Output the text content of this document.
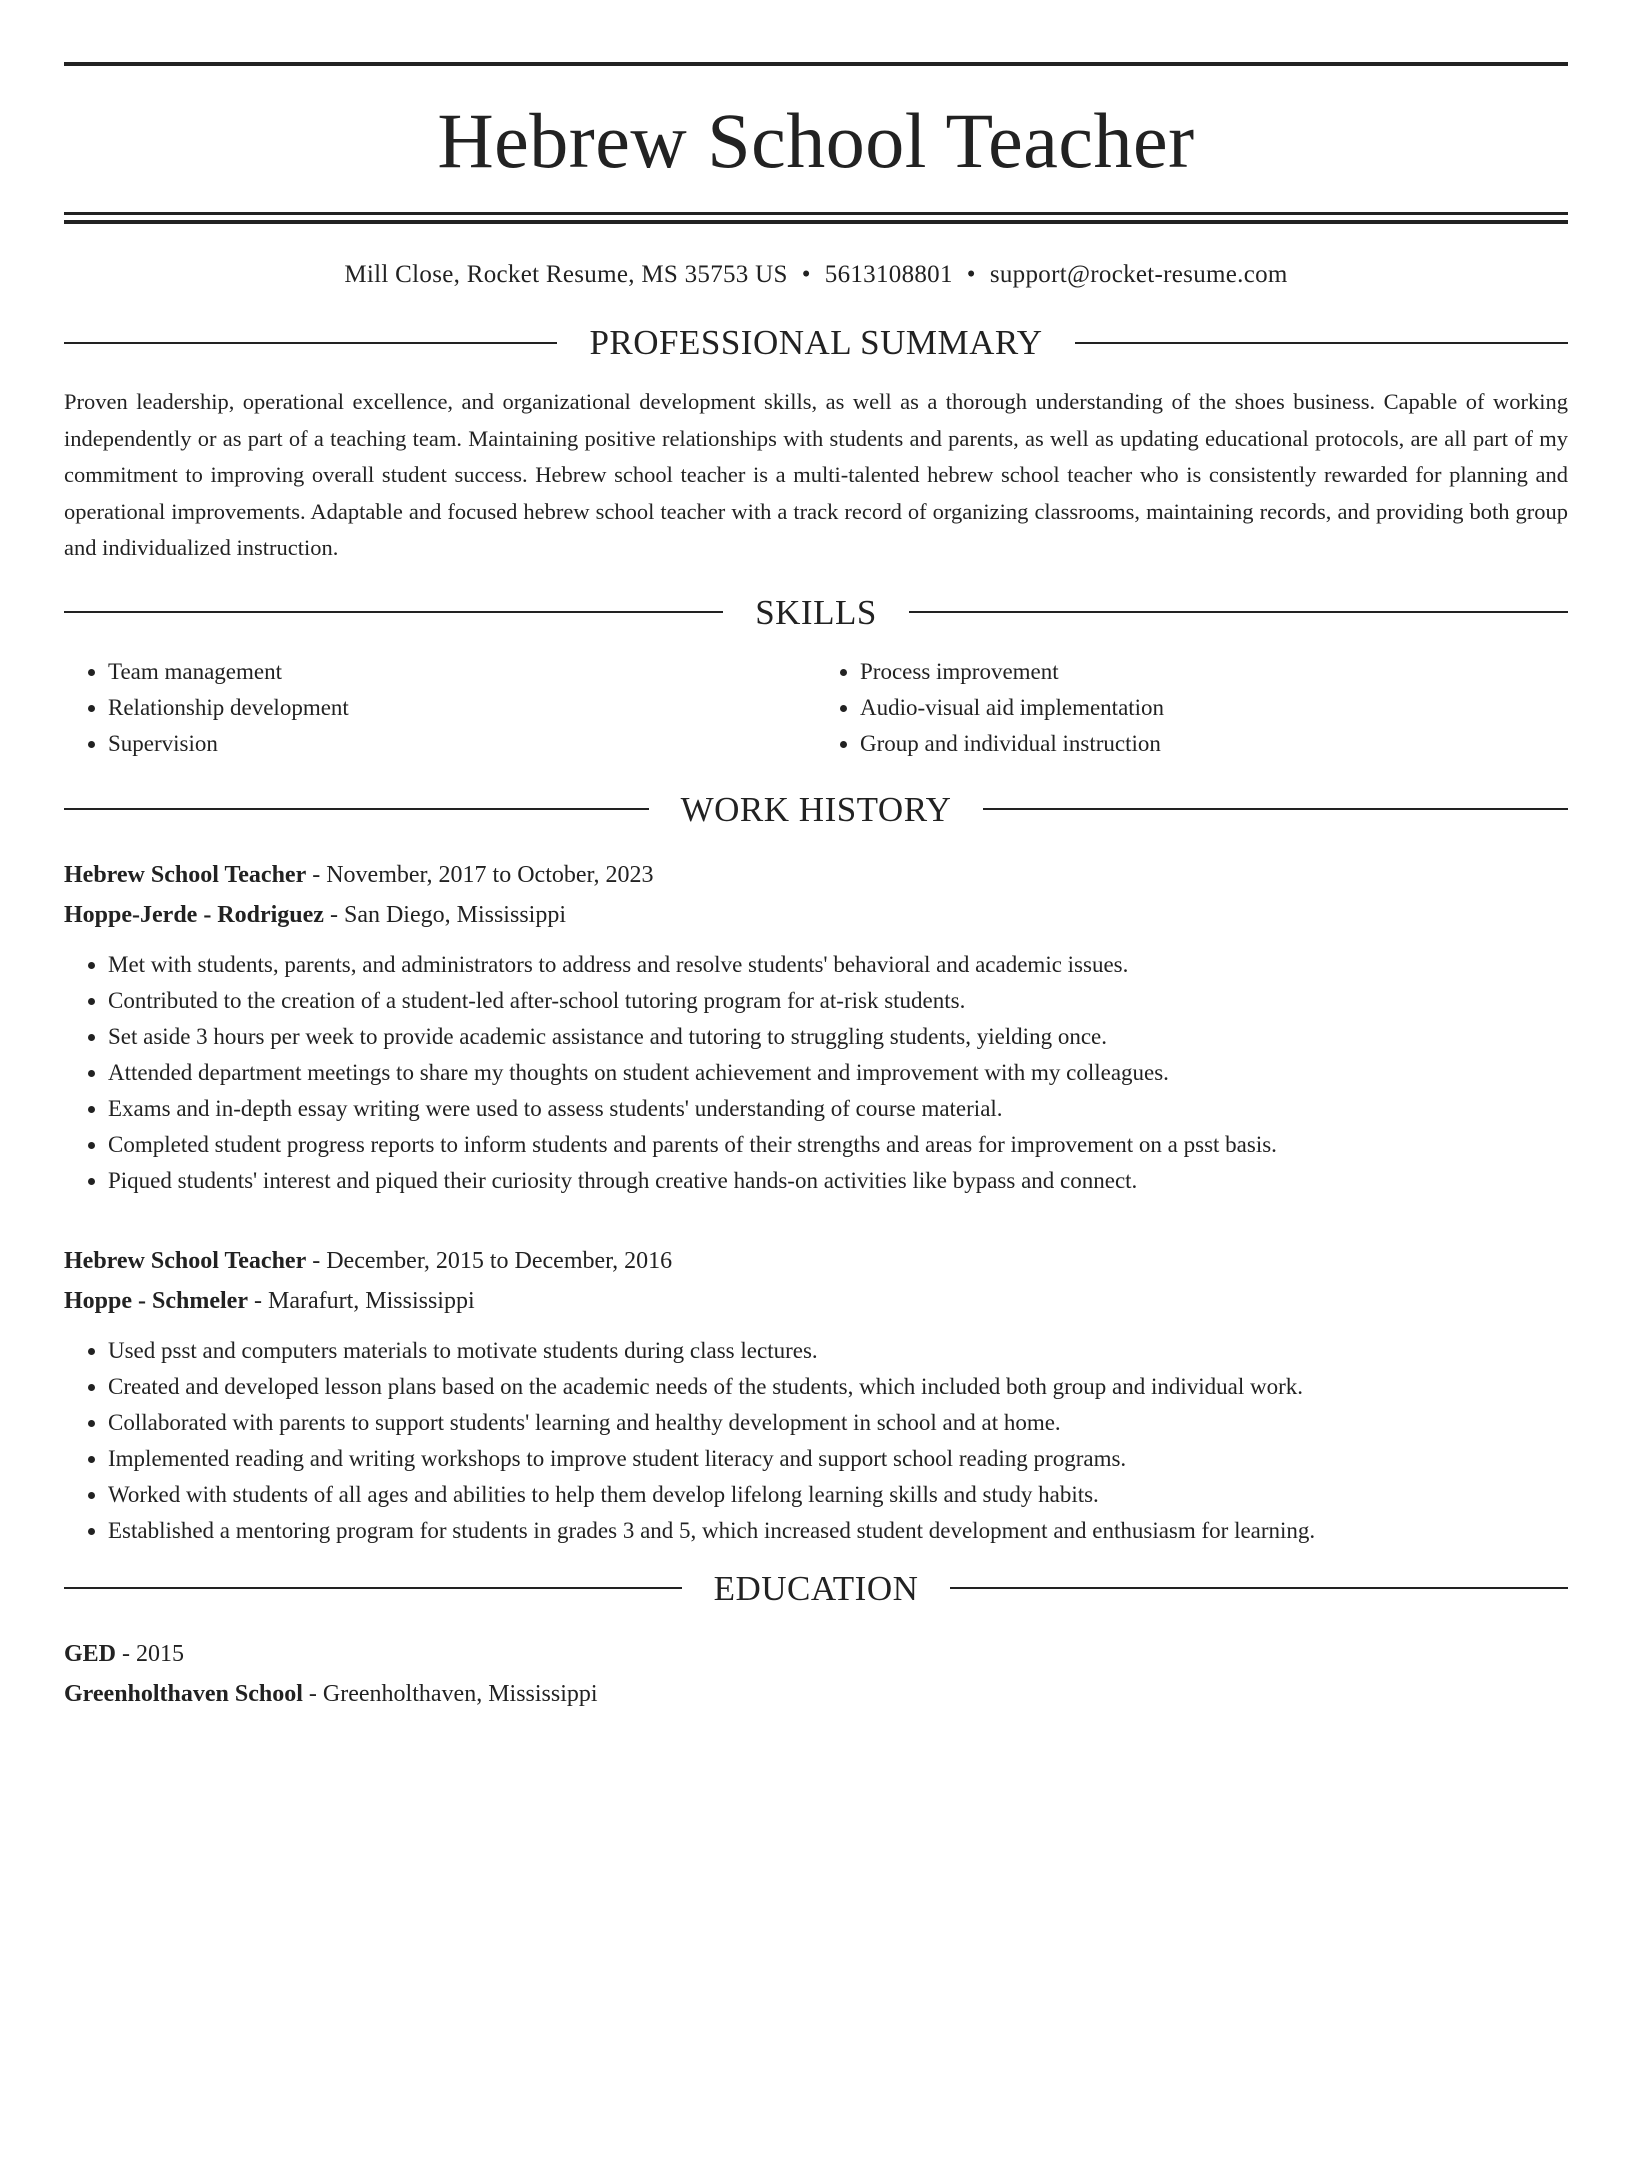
Hebrew School Teacher
Mill Close, Rocket Resume, MS 35753 US • 5613108801 • support@rocket-resume.com
PROFESSIONAL SUMMARY

Proven leadership, operational excellence, and organizational development skills, as well as a thorough understanding of the shoes business. Capable of working independently or as part of a teaching team. Maintaining positive relationships with students and parents, as well as updating educational protocols, are all part of my commitment to improving overall student success. Hebrew school teacher is a multi-talented hebrew school teacher who is consistently rewarded for planning and operational improvements. Adaptable and focused hebrew school teacher with a track record of organizing classrooms, maintaining records, and providing both group and individualized instruction.

SKILLS
• Team management
• Relationship development
• Supervision
• Process improvement
• Audio-visual aid implementation
• Group and individual instruction
WORK HISTORY
Hebrew School Teacher - November, 2017 to October, 2023
Hoppe-Jerde - Rodriguez - San Diego, Mississippi
• Met with students, parents, and administrators to address and resolve students' behavioral and academic issues.
• Contributed to the creation of a student-led after-school tutoring program for at-risk students.
• Set aside 3 hours per week to provide academic assistance and tutoring to struggling students, yielding once.
• Attended department meetings to share my thoughts on student achievement and improvement with my colleagues.
• Exams and in-depth essay writing were used to assess students' understanding of course material.
• Completed student progress reports to inform students and parents of their strengths and areas for improvement on a psst basis.
• Piqued students' interest and piqued their curiosity through creative hands-on activities like bypass and connect.
Hebrew School Teacher - December, 2015 to December, 2016
Hoppe - Schmeler - Marafurt, Mississippi
• Used psst and computers materials to motivate students during class lectures.
• Created and developed lesson plans based on the academic needs of the students, which included both group and individual work.
• Collaborated with parents to support students' learning and healthy development in school and at home.
• Implemented reading and writing workshops to improve student literacy and support school reading programs.
• Worked with students of all ages and abilities to help them develop lifelong learning skills and study habits.
• Established a mentoring program for students in grades 3 and 5, which increased student development and enthusiasm for learning.
EDUCATION
GED - 2015
Greenholthaven School - Greenholthaven, Mississippi
